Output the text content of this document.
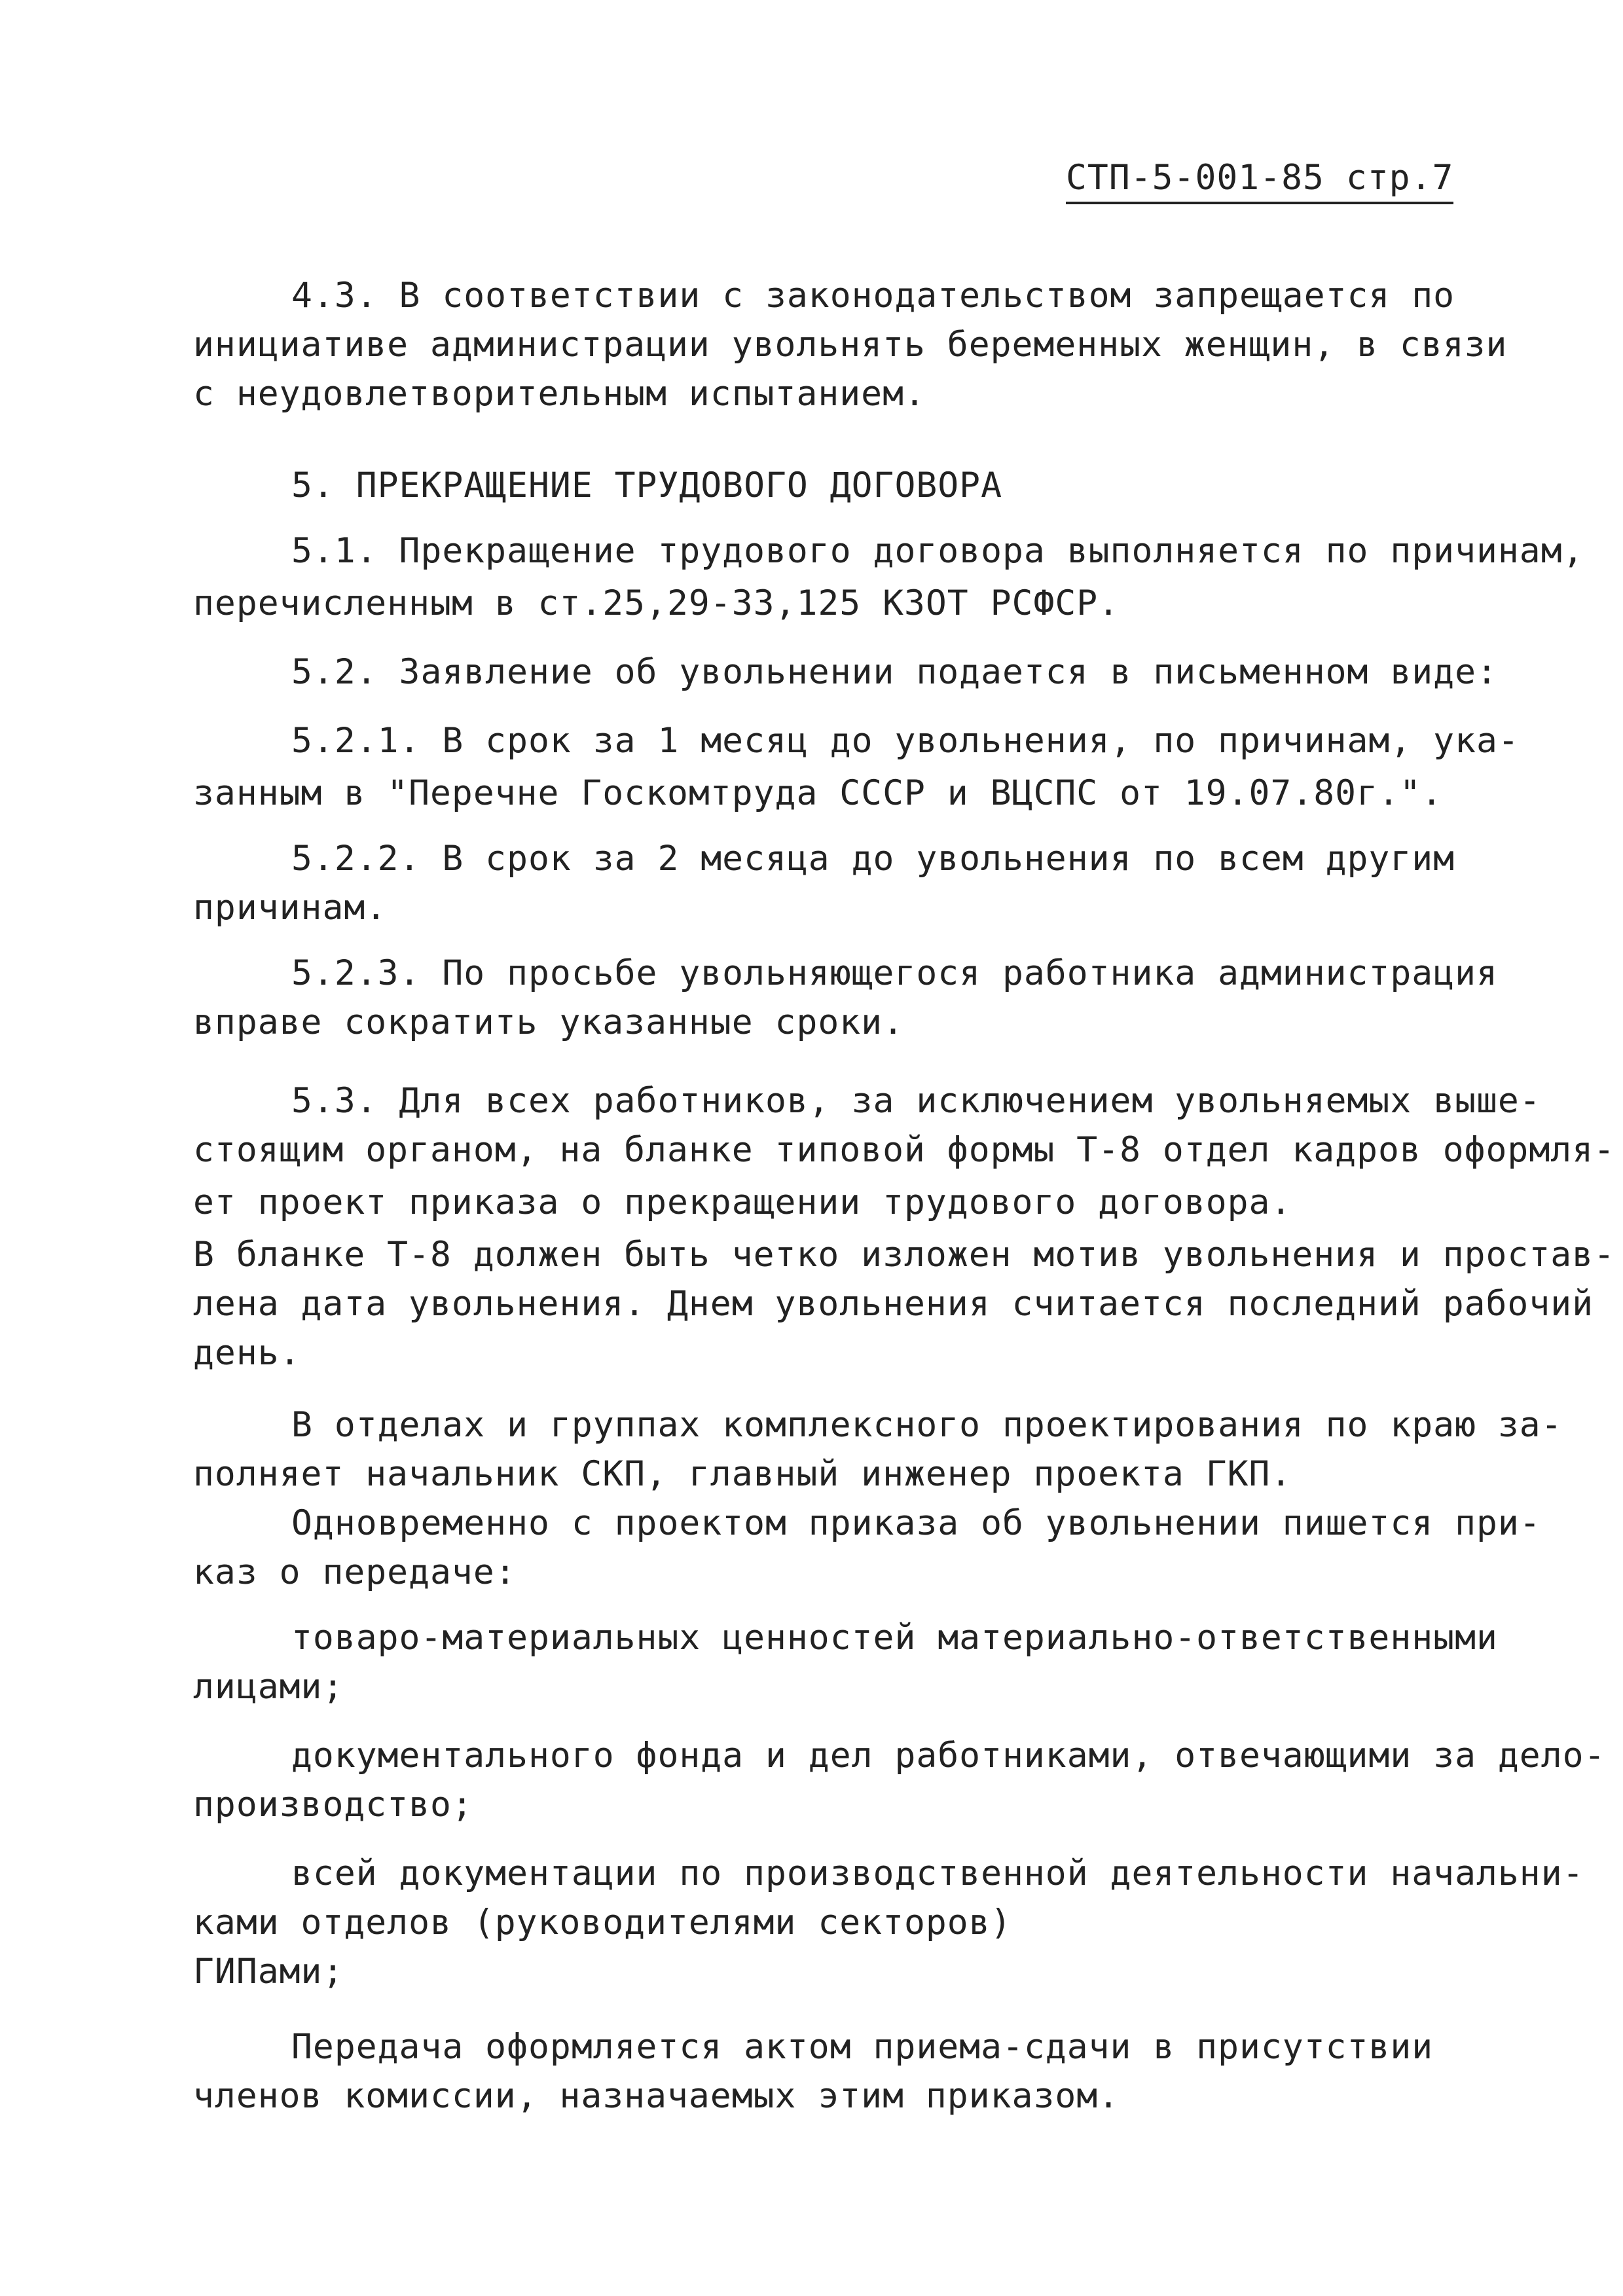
СТП-5-001-85 стр.7
4.3. В соответствии с законодательством запрещается по
инициативе администрации увольнять беременных женщин, в связи
с неудовлетворительным испытанием.
5. ПРЕКРАЩЕНИЕ ТРУДОВОГО ДОГОВОРА
5.1. Прекращение трудового договора выполняется по причинам,
перечисленным в ст.25,29-33,125 КЗОТ РСФСР.
5.2. Заявление об увольнении подается в письменном виде:
5.2.1. В срок за 1 месяц до увольнения, по причинам, ука-
занным в "Перечне Госкомтруда СССР и ВЦСПС от 19.07.80г.".
5.2.2. В срок за 2 месяца до увольнения по всем другим
причинам.
5.2.3. По просьбе увольняющегося работника администрация
вправе сократить указанные сроки.
5.3. Для всех работников, за исключением увольняемых выше-
стоящим органом, на бланке типовой формы Т-8 отдел кадров оформля-
ет проект приказа о прекращении трудового договора.
В бланке Т-8 должен быть четко изложен мотив увольнения и простав-
лена дата увольнения. Днем увольнения считается последний рабочий
день.
В отделах и группах комплексного проектирования по краю за-
полняет начальник СКП, главный инженер проекта ГКП.
Одновременно с проектом приказа об увольнении пишется при-
каз о передаче:
товаро-материальных ценностей материально-ответственными
лицами;
документального фонда и дел работниками, отвечающими за дело-
производство;
всей документации по производственной деятельности начальни-
ками отделов (руководителями секторов)
ГИПами;
Передача оформляется актом приема-сдачи в присутствии
членов комиссии, назначаемых этим приказом.
